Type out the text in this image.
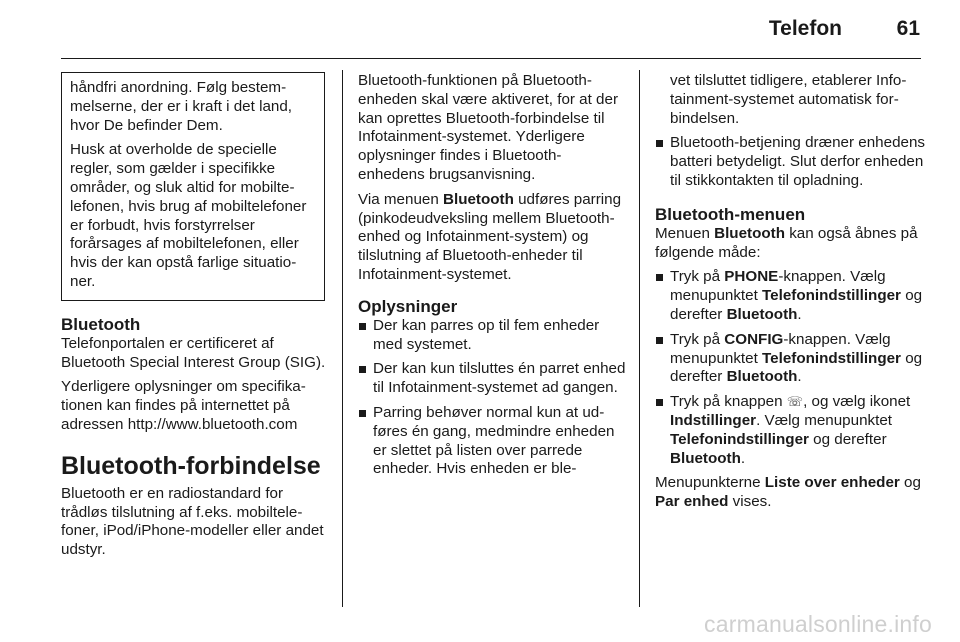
Telefon	61

håndfri anordning. Følg bestemmelserne, der er i kraft i det land, hvor De befinder Dem.

Husk at overholde de specielle regler, som gælder i specifikke områder, og sluk altid for mobiltelefonen, hvis brug af mobiltelefoner er forbudt, hvis forstyrrelser forårsages af mobiltelefonen, eller hvis der kan opstå farlige situationer.

Bluetooth

Telefonportalen er certificeret af Bluetooth Special Interest Group (SIG).

Yderligere oplysninger om specifikationen kan findes på internettet på adressen http://www.bluetooth.com

Bluetooth-forbindelse

Bluetooth er en radiostandard for trådløs tilslutning af f.eks. mobiltelefoner, iPod/iPhone-modeller eller andet udstyr.

Bluetooth-funktionen på Bluetooth-enheden skal være aktiveret, for at der kan oprettes Bluetooth-forbindelse til Infotainment-systemet. Yderligere oplysninger findes i Bluetooth-enhedens brugsanvisning.

Via menuen Bluetooth udføres parring (pinkodeudveksling mellem Bluetooth-enhed og Infotainment-system) og tilslutning af Bluetooth-enheder til Infotainment-systemet.

Oplysninger
Der kan parres op til fem enheder med systemet.
Der kan kun tilsluttes én parret enhed til Infotainment-systemet ad gangen.
Parring behøver normal kun at udføres én gang, medmindre enheden er slettet på listen over parrede enheder. Hvis enheden er ble-

vet tilsluttet tidligere, etablerer Infotainment-systemet automatisk forbindelsen.

Bluetooth-betjening dræner enhedens batteri betydeligt. Slut derfor enheden til stikkontakten til opladning.
Bluetooth-menuen

Menuen Bluetooth kan også åbnes på følgende måde:

Tryk på PHONE-knappen. Vælg menupunktet Telefonindstillinger og derefter Bluetooth.
Tryk på CONFIG-knappen. Vælg menupunktet Telefonindstillinger og derefter Bluetooth.
Tryk på knappen ☏, og vælg ikonet Indstillinger. Vælg menupunktet Telefonindstillinger og derefter Bluetooth.

Menupunkterne Liste over enheder og Par enhed vises.

carmanualsonline.info
